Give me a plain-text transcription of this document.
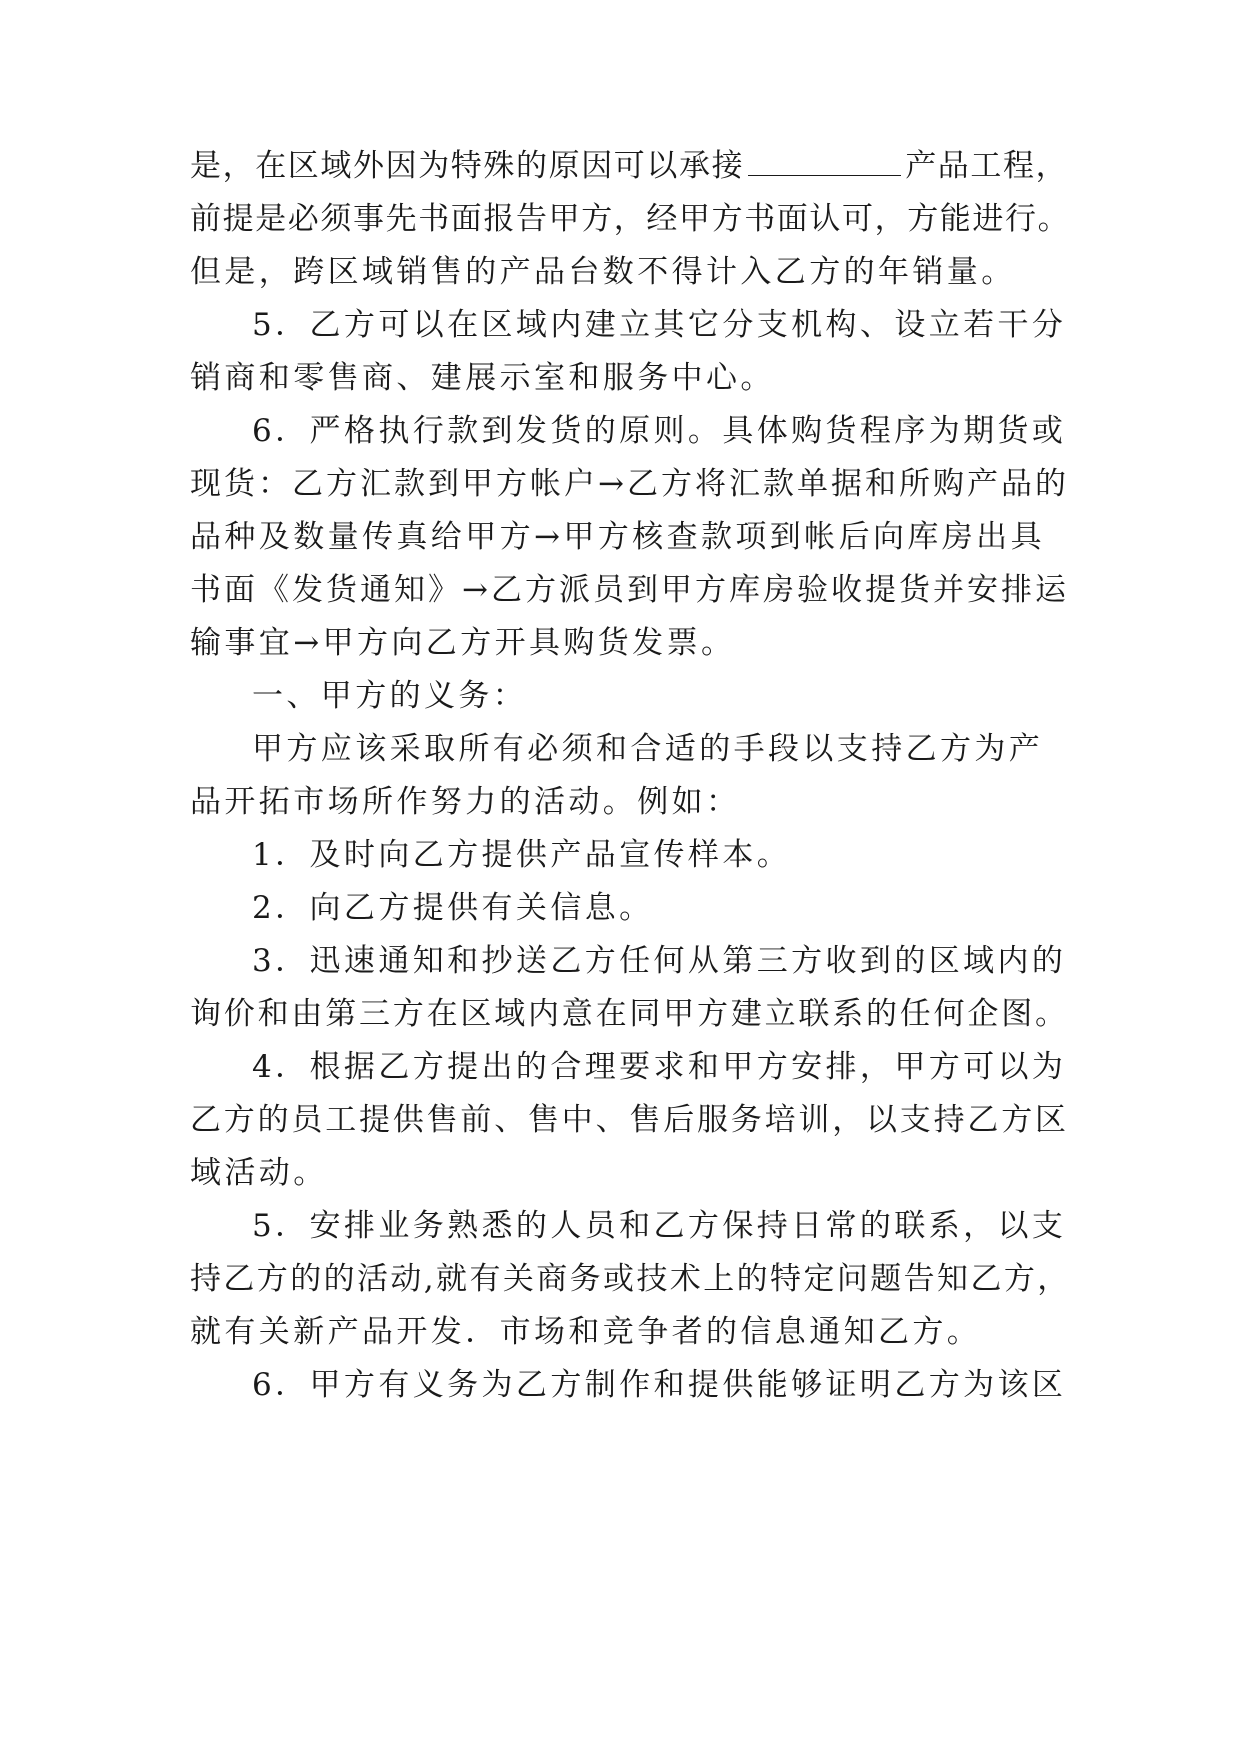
是，在区域外因为特殊的原因可以承接	产品工程，
前提是必须事先书面报告甲方，经甲方书面认可，方能进行。
但是，跨区域销售的产品台数不得计入乙方的年销量。
5．乙方可以在区域内建立其它分支机构、设立若干分
销商和零售商、建展示室和服务中心。
6．严格执行款到发货的原则。具体购货程序为期货或
现货：乙方汇款到甲方帐户→乙方将汇款单据和所购产品的
品种及数量传真给甲方→甲方核查款项到帐后向库房出具
书面《发货通知》→乙方派员到甲方库房验收提货并安排运
输事宜→甲方向乙方开具购货发票。
一、甲方的义务：
甲方应该采取所有必须和合适的手段以支持乙方为产
品开拓市场所作努力的活动。例如：
1．及时向乙方提供产品宣传样本。
2．向乙方提供有关信息。
3．迅速通知和抄送乙方任何从第三方收到的区域内的
询价和由第三方在区域内意在同甲方建立联系的任何企图。
4．根据乙方提出的合理要求和甲方安排，甲方可以为
乙方的员工提供售前、售中、售后服务培训，以支持乙方区
域活动。
5．安排业务熟悉的人员和乙方保持日常的联系，以支
持乙方的的活动,就有关商务或技术上的特定问题告知乙方，
就有关新产品开发．市场和竞争者的信息通知乙方。
6．甲方有义务为乙方制作和提供能够证明乙方为该区
